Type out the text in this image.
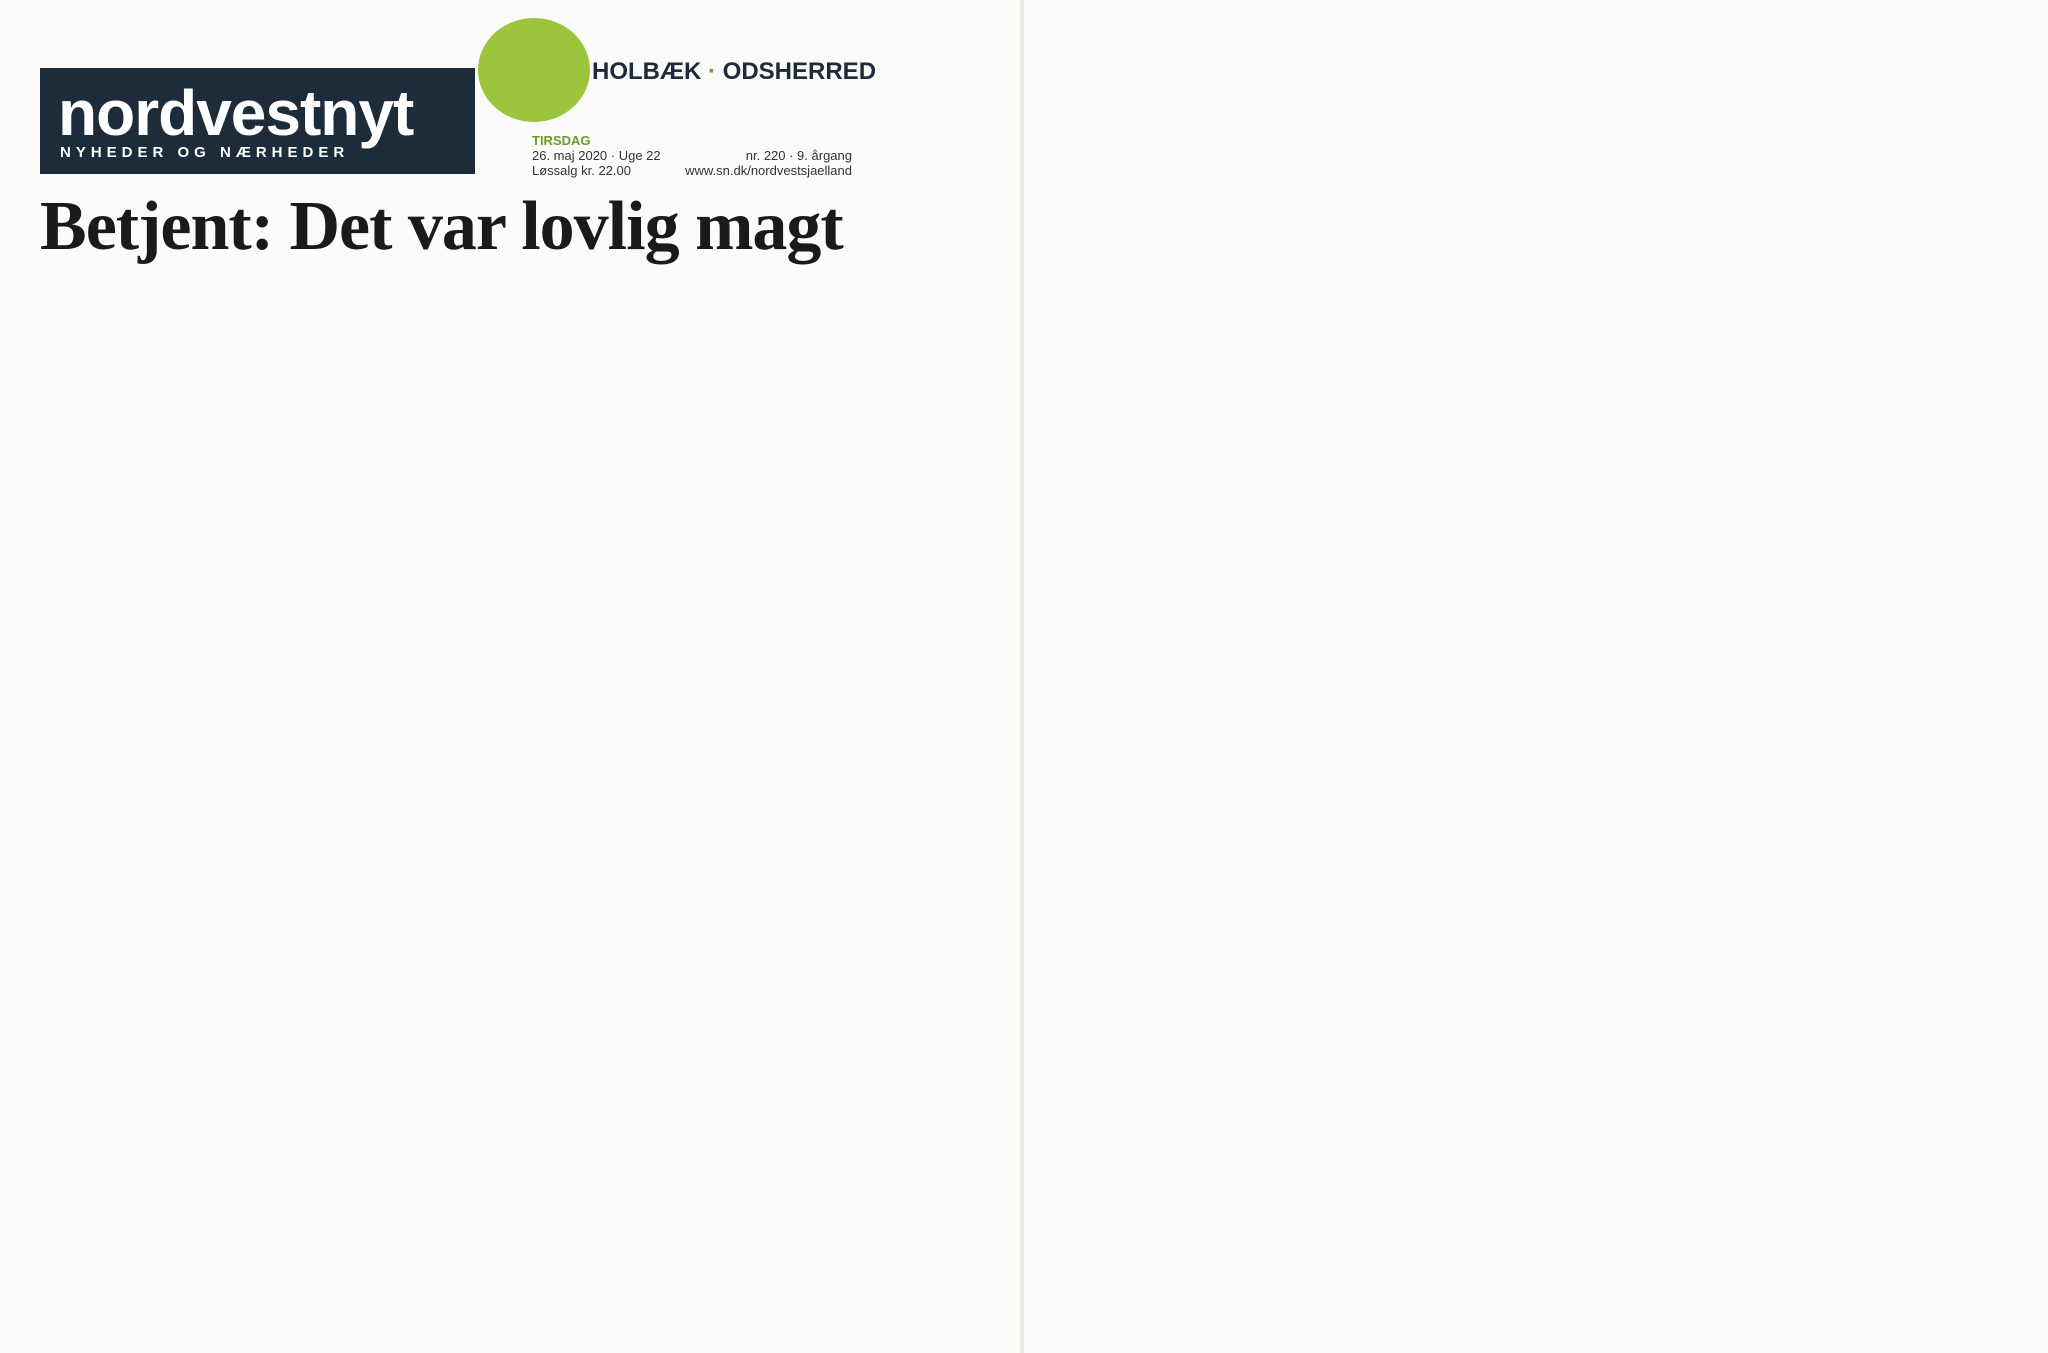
nordvestnyt
NYHEDER OG NÆRHEDER
HOLBÆK · ODSHERRED
TIRSDAG
26. maj 2020 · Uge 22	nr. 220 · 9. årgang
Løssalg kr. 22.00	www.sn.dk/nordvestsjaelland
Betjent: Det var lovlig magt
